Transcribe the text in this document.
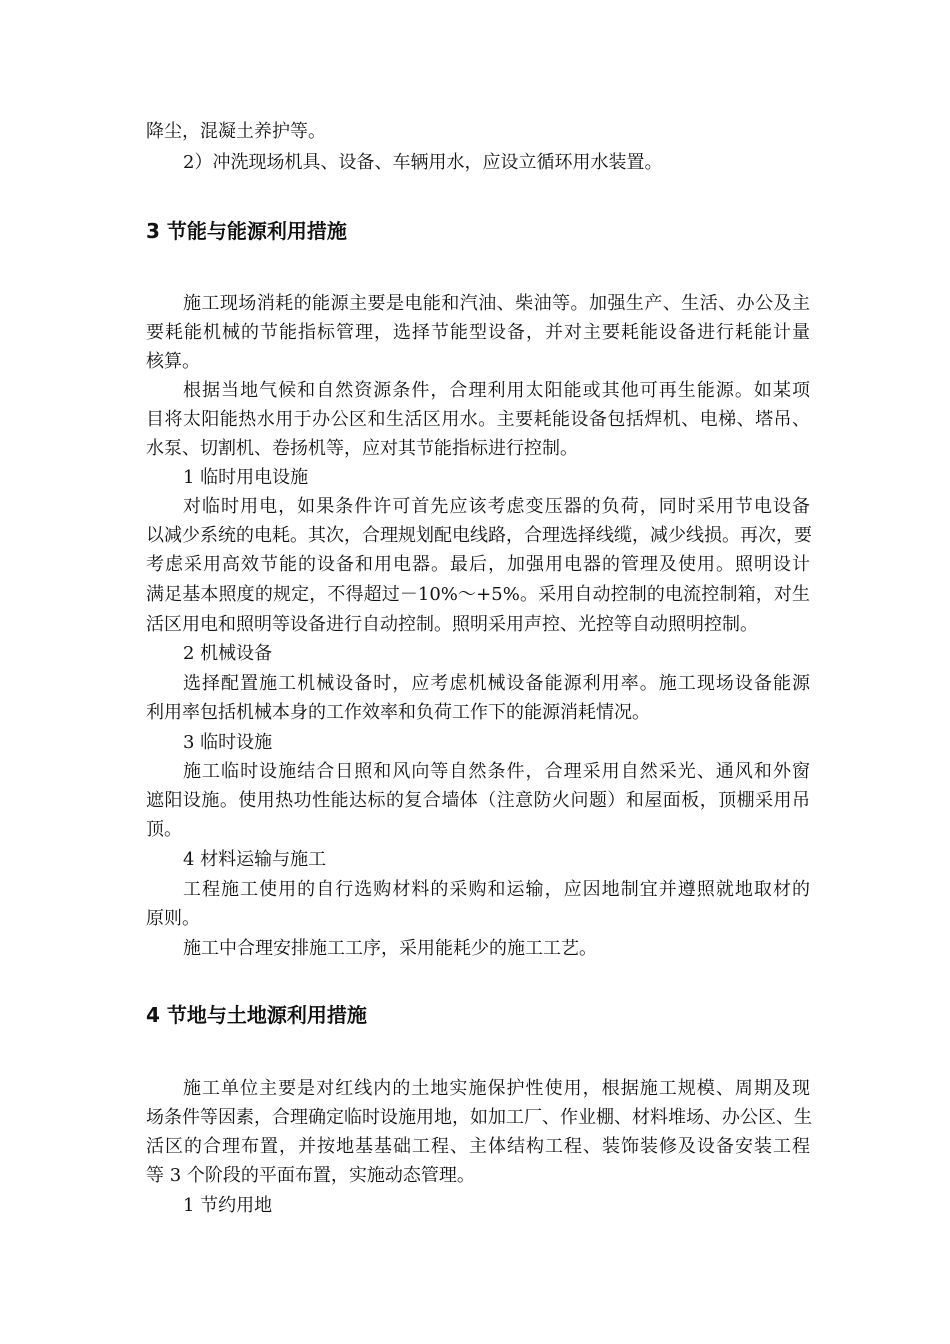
降尘，混凝土养护等。
2）冲洗现场机具、设备、车辆用水，应设立循环用水装置。
3 节能与能源利用措施
施工现场消耗的能源主要是电能和汽油、柴油等。加强生产、生活、办公及主
要耗能机械的节能指标管理，选择节能型设备，并对主要耗能设备进行耗能计量
核算。
根据当地气候和自然资源条件，合理利用太阳能或其他可再生能源。如某项
目将太阳能热水用于办公区和生活区用水。主要耗能设备包括焊机、电梯、塔吊、
水泵、切割机、卷扬机等，应对其节能指标进行控制。
1 临时用电设施
对临时用电，如果条件许可首先应该考虑变压器的负荷，同时采用节电设备
以减少系统的电耗。其次，合理规划配电线路，合理选择线缆，减少线损。再次，要
考虑采用高效节能的设备和用电器。最后，加强用电器的管理及使用。照明设计
满足基本照度的规定，不得超过－10%～+5%。采用自动控制的电流控制箱，对生
活区用电和照明等设备进行自动控制。照明采用声控、光控等自动照明控制。
2 机械设备
选择配置施工机械设备时，应考虑机械设备能源利用率。施工现场设备能源
利用率包括机械本身的工作效率和负荷工作下的能源消耗情况。
3 临时设施
施工临时设施结合日照和风向等自然条件，合理采用自然采光、通风和外窗
遮阳设施。使用热功性能达标的复合墙体（注意防火问题）和屋面板，顶棚采用吊
顶。
4 材料运输与施工
工程施工使用的自行选购材料的采购和运输，应因地制宜并遵照就地取材的
原则。
施工中合理安排施工工序，采用能耗少的施工工艺。
4 节地与土地源利用措施
施工单位主要是对红线内的土地实施保护性使用，根据施工规模、周期及现
场条件等因素，合理确定临时设施用地，如加工厂、作业棚、材料堆场、办公区、生
活区的合理布置，并按地基基础工程、主体结构工程、装饰装修及设备安装工程
等 3 个阶段的平面布置，实施动态管理。
1 节约用地
